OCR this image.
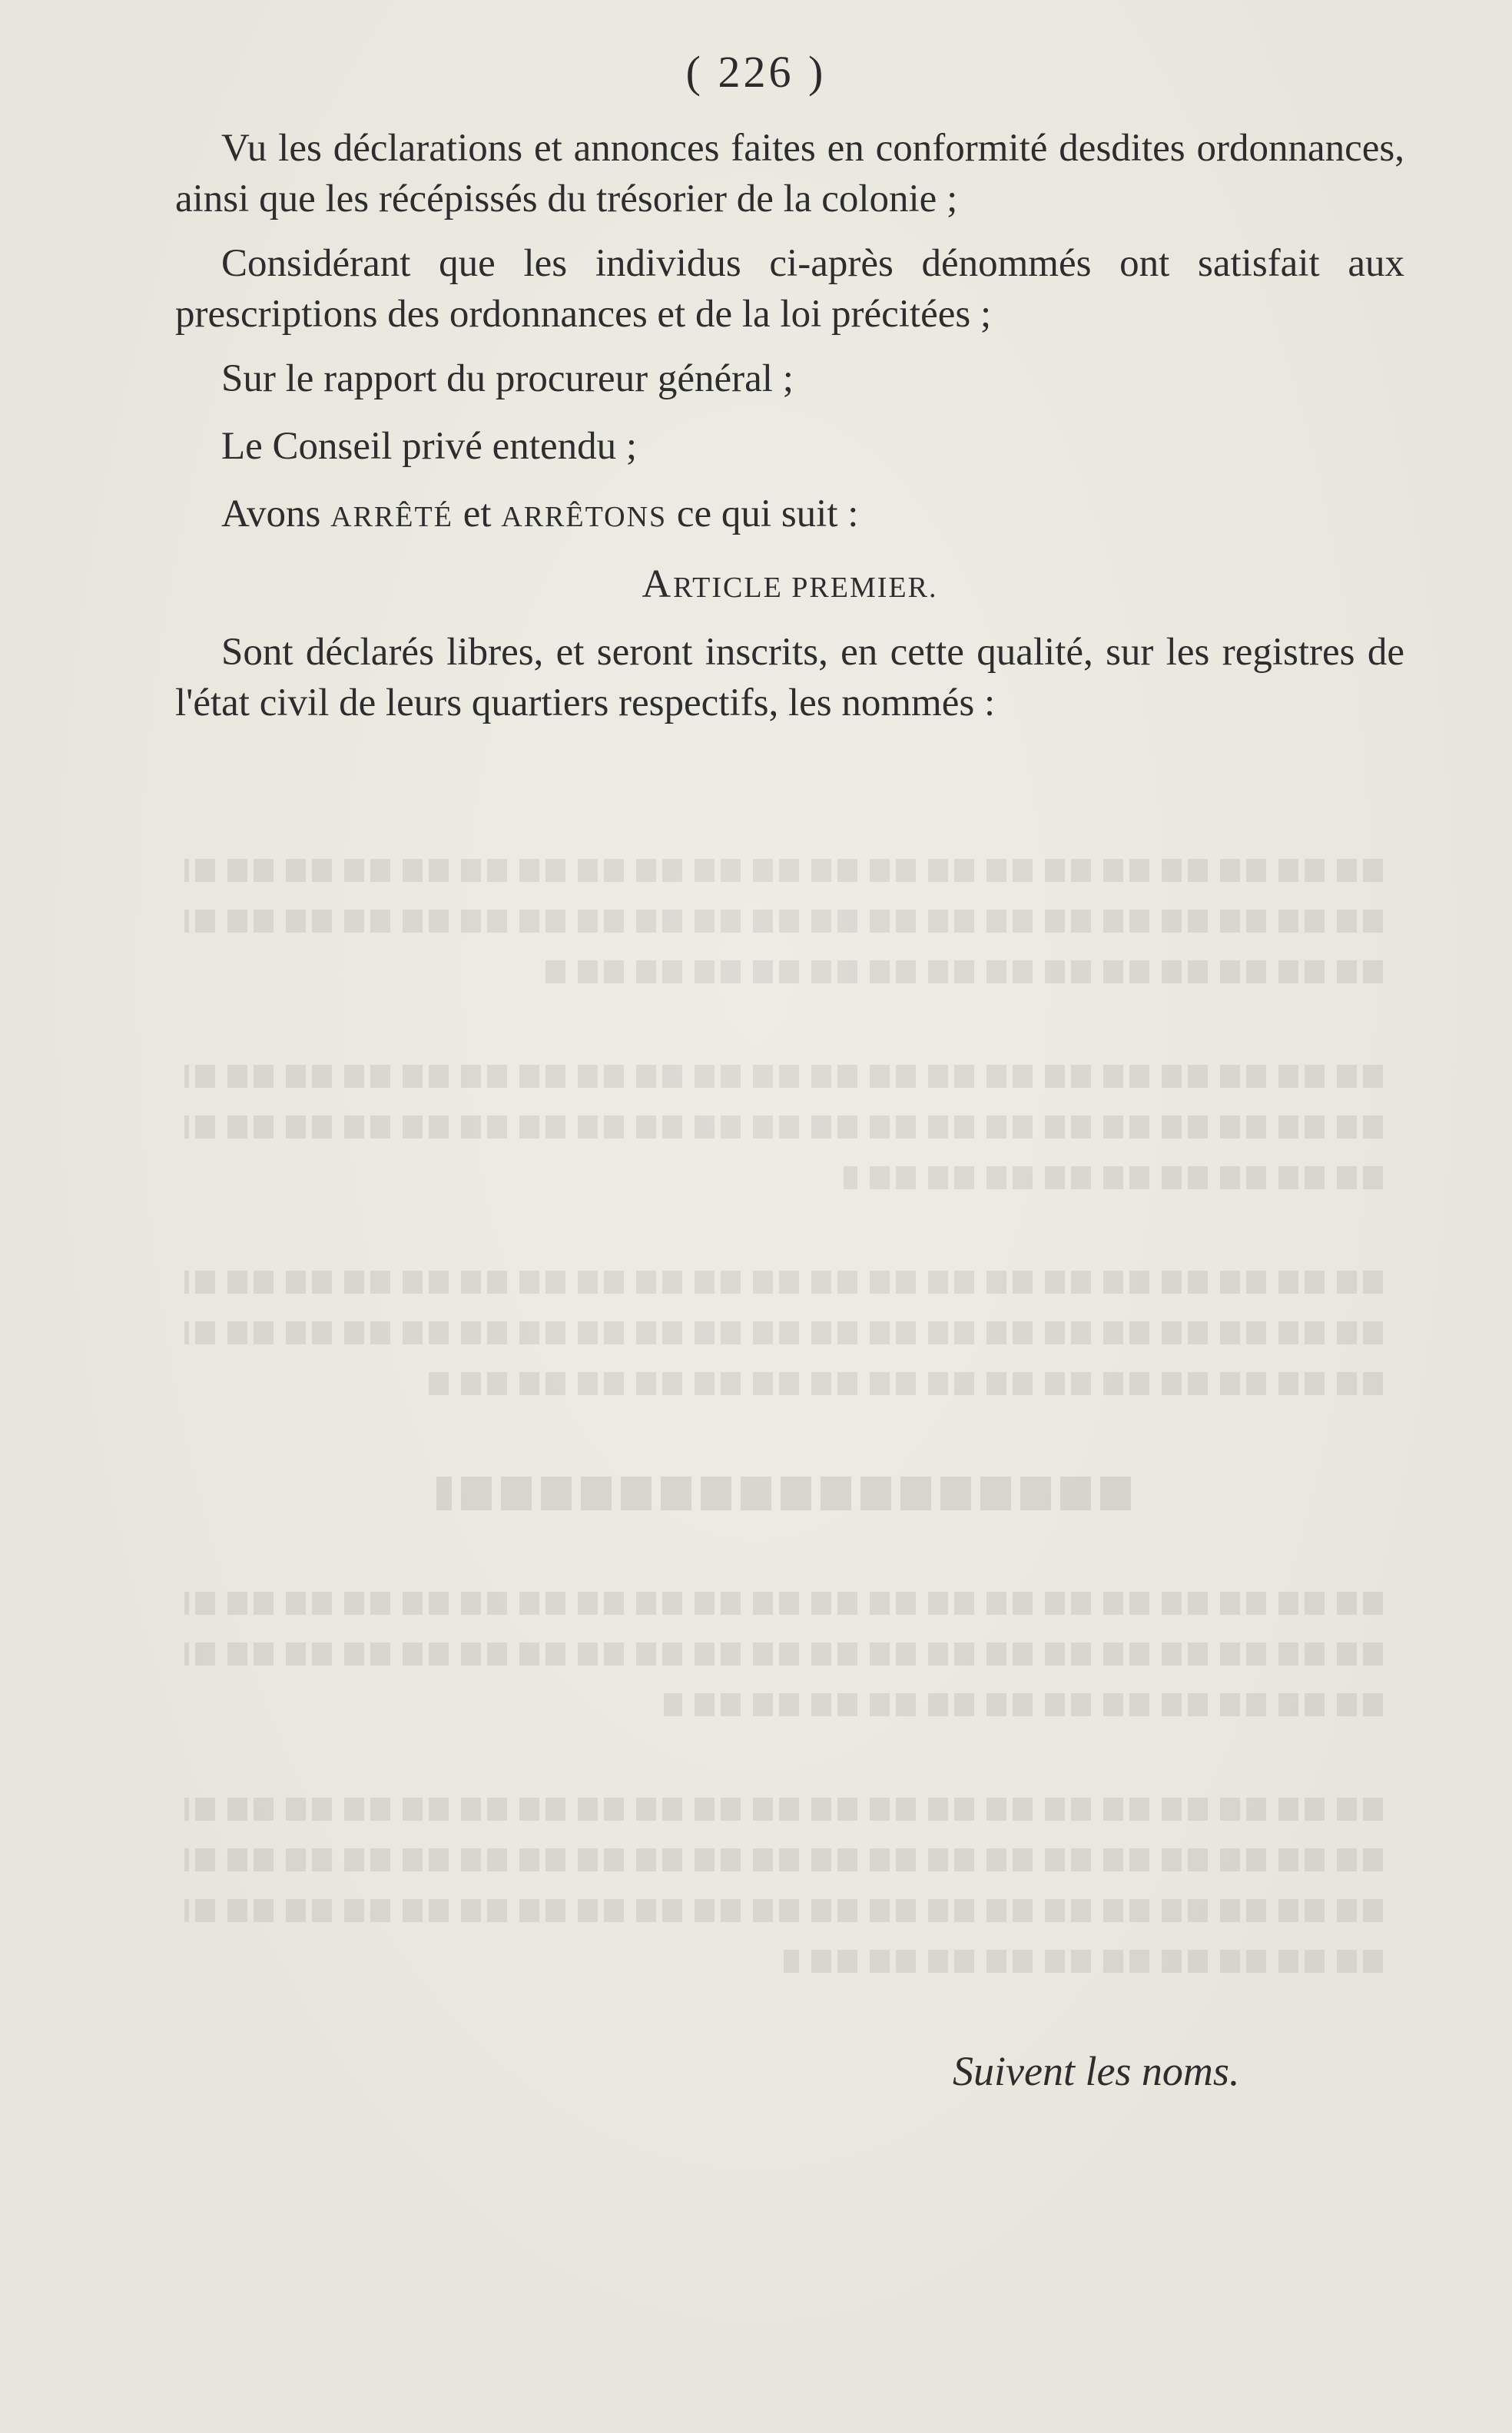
( 226 )

Vu les déclarations et annonces faites en conformité desdites ordonnances, ainsi que les récépissés du trésorier de la colonie ;

Considérant que les individus ci-après dénommés ont satisfait aux prescriptions des ordonnances et de la loi précitées ;

Sur le rapport du procureur général ;

Le Conseil privé entendu ;

Avons ARRÊTÉ et ARRÊTONS ce qui suit :

ARTICLE PREMIER.

Sont déclarés libres, et seront inscrits, en cette qualité, sur les registres de l'état civil de leurs quartiers respectifs, les nommés :

Suivent les noms.
